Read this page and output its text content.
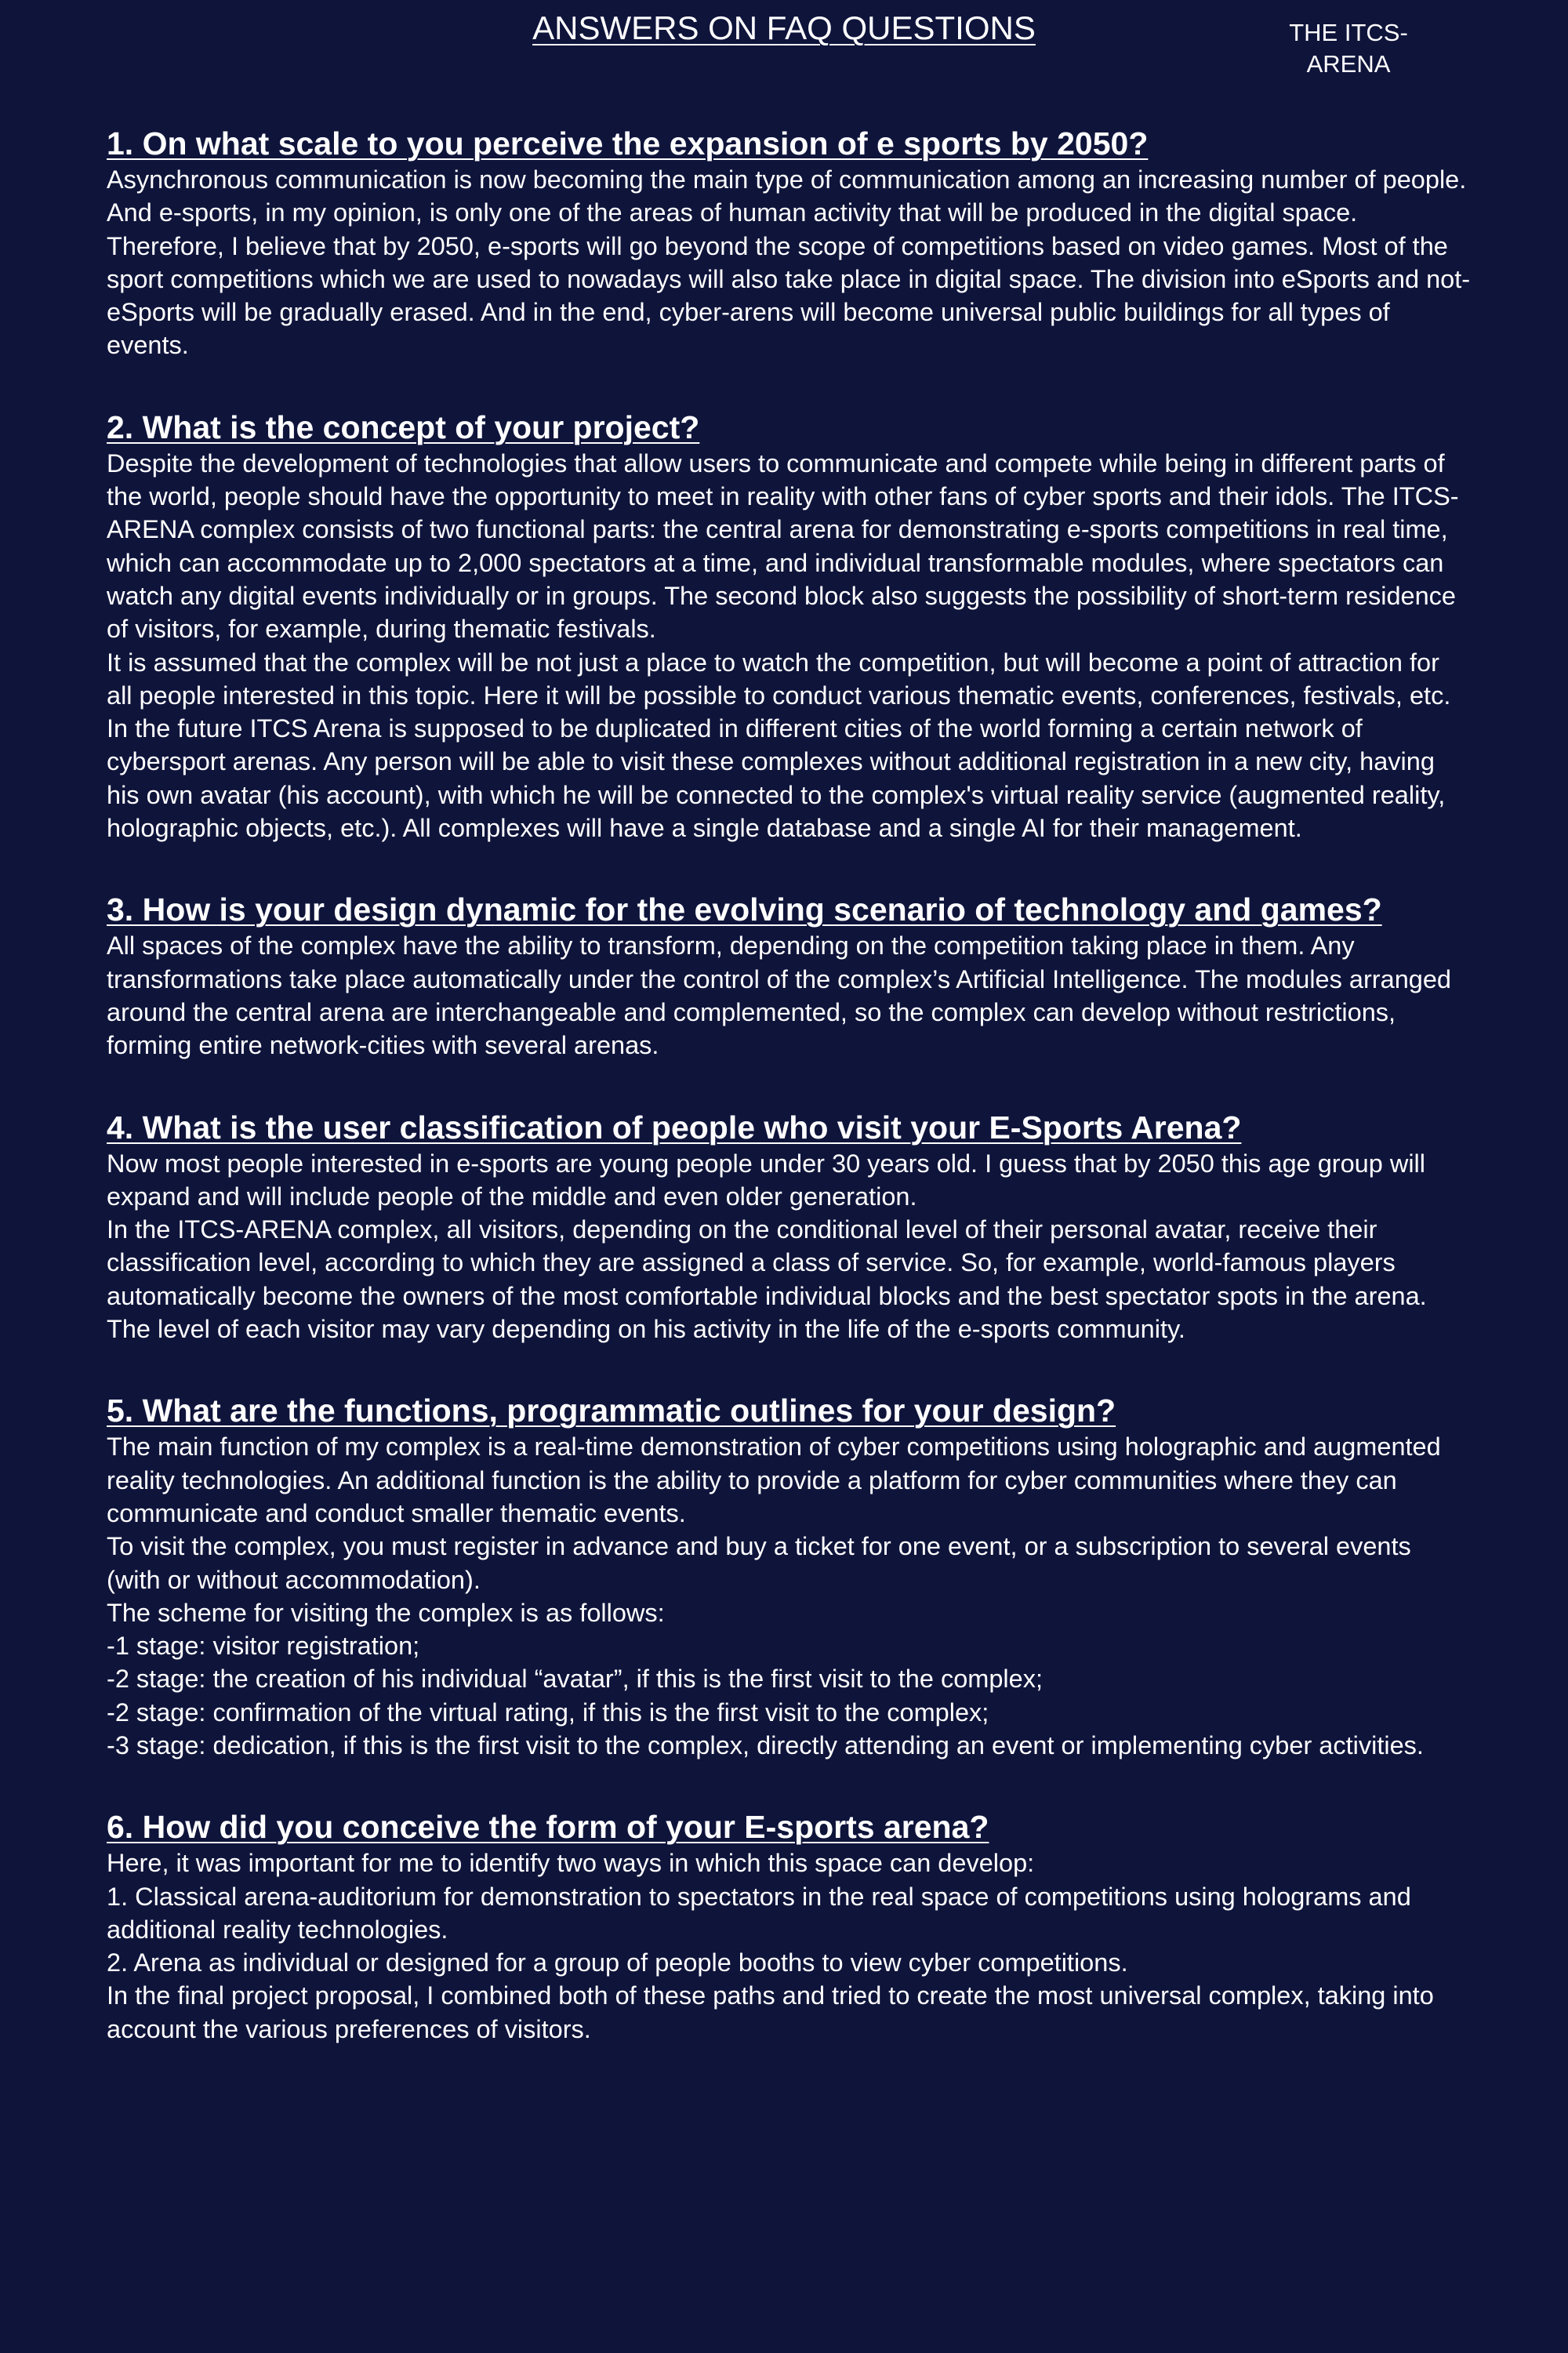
ANSWERS ON FAQ QUESTIONS	THE ITCS-
ARENA
1. On what scale to you perceive the expansion of e sports by 2050?

Asynchronous communication is now becoming the main type of communication among an increasing number of people. And e-sports, in my opinion, is only one of the areas of human activity that will be produced in the digital space. Therefore, I believe that by 2050, e-sports will go beyond the scope of competitions based on video games. Most of the sport competitions which we are used to nowadays will also take place in digital space. The division into eSports and not-eSports will be gradually erased. And in the end, cyber-arens will become universal public buildings for all types of events.

2. What is the concept of your project?

Despite the development of technologies that allow users to communicate and compete while being in different parts of the world, people should have the opportunity to meet in reality with other fans of cyber sports and their idols. The ITCS-ARENA complex consists of two functional parts: the central arena for demonstrating e-sports competitions in real time, which can accommodate up to 2,000 spectators at a time, and individual transformable modules, where spectators can watch any digital events individually or in groups. The second block also suggests the possibility of short-term residence of visitors, for example, during thematic festivals.

It is assumed that the complex will be not just a place to watch the competition, but will become a point of attraction for all people interested in this topic. Here it will be possible to conduct various thematic events, conferences, festivals, etc.

In the future ITCS Arena is supposed to be duplicated in different cities of the world forming a certain network of cybersport arenas. Any person will be able to visit these complexes without additional registration in a new city, having his own avatar (his account), with which he will be connected to the complex's virtual reality service (augmented reality, holographic objects, etc.). All complexes will have a single database and a single AI for their management.

3. How is your design dynamic for the evolving scenario of technology and games?

All spaces of the complex have the ability to transform, depending on the competition taking place in them. Any transformations take place automatically under the control of the complex’s Artificial Intelligence. The modules arranged around the central arena are interchangeable and complemented, so the complex can develop without restrictions, forming entire network-cities with several arenas.

4. What is the user classification of people who visit your E-Sports Arena?

Now most people interested in e-sports are young people under 30 years old. I guess that by 2050 this age group will expand and will include people of the middle and even older generation.

In the ITCS-ARENA complex, all visitors, depending on the conditional level of their personal avatar, receive their classification level, according to which they are assigned a class of service. So, for example, world-famous players automatically become the owners of the most comfortable individual blocks and the best spectator spots in the arena. The level of each visitor may vary depending on his activity in the life of the e-sports community.

5. What are the functions, programmatic outlines for your design?

The main function of my complex is a real-time demonstration of cyber competitions using holographic and augmented reality technologies. An additional function is the ability to provide a platform for cyber communities where they can communicate and conduct smaller thematic events.

To visit the complex, you must register in advance and buy a ticket for one event, or a subscription to several events (with or without accommodation).

The scheme for visiting the complex is as follows:

-1 stage: visitor registration;

-2 stage: the creation of his individual “avatar”, if this is the first visit to the complex;

-2 stage: confirmation of the virtual rating, if this is the first visit to the complex;

-3 stage: dedication, if this is the first visit to the complex, directly attending an event or implementing cyber activities.

6. How did you conceive the form of your E-sports arena?

Here, it was important for me to identify two ways in which this space can develop:

1. Classical arena-auditorium for demonstration to spectators in the real space of competitions using holograms and additional reality technologies.

2. Arena as individual or designed for a group of people booths to view cyber competitions.

In the final project proposal, I combined both of these paths and tried to create the most universal complex, taking into account the various preferences of visitors.
